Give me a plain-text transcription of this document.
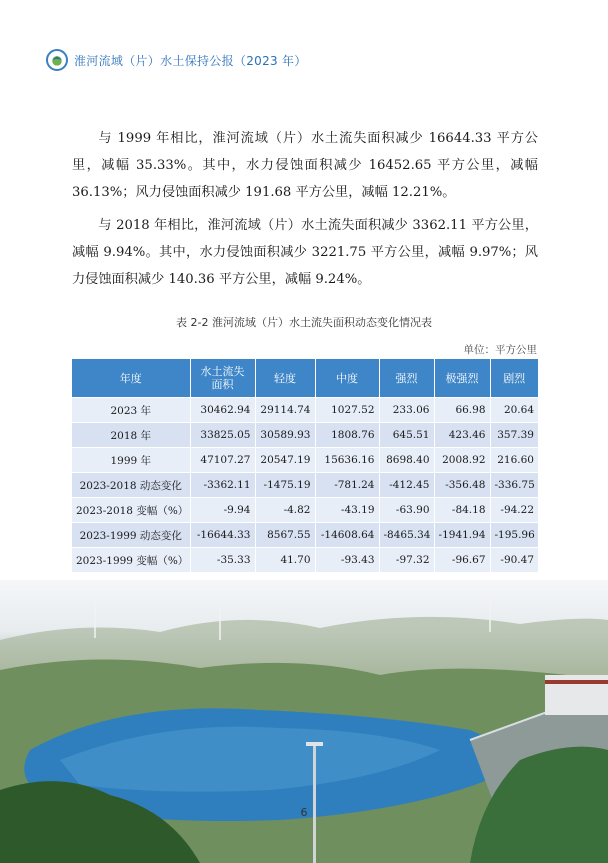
淮河流域（片）水土保持公报（2023 年）

与 1999 年相比，淮河流域（片）水土流失面积减少 16644.33 平方公里，减幅 35.33%。其中，水力侵蚀面积减少 16452.65 平方公里，减幅 36.13%；风力侵蚀面积减少 191.68 平方公里，减幅 12.21%。

与 2018 年相比，淮河流域（片）水土流失面积减少 3362.11 平方公里，减幅 9.94%。其中，水力侵蚀面积减少 3221.75 平方公里，减幅 9.97%；风力侵蚀面积减少 140.36 平方公里，减幅 9.24%。

表 2-2 淮河流域（片）水土流失面积动态变化情况表
单位：平方公里
年度	水土流失面积	轻度	中度	强烈	极强烈	剧烈
2023 年	30462.94	29114.74	1027.52	233.06	66.98	20.64
2018 年	33825.05	30589.93	1808.76	645.51	423.46	357.39
1999 年	47107.27	20547.19	15636.16	8698.40	2008.92	216.60
2023-2018 动态变化	-3362.11	-1475.19	-781.24	-412.45	-356.48	-336.75
2023-2018 变幅（%）	-9.94	-4.82	-43.19	-63.90	-84.18	-94.22
2023-1999 动态变化	-16644.33	8567.55	-14608.64	-8465.34	-1941.94	-195.96
2023-1999 变幅（%）	-35.33	41.70	-93.43	-97.32	-96.67	-90.47
6
